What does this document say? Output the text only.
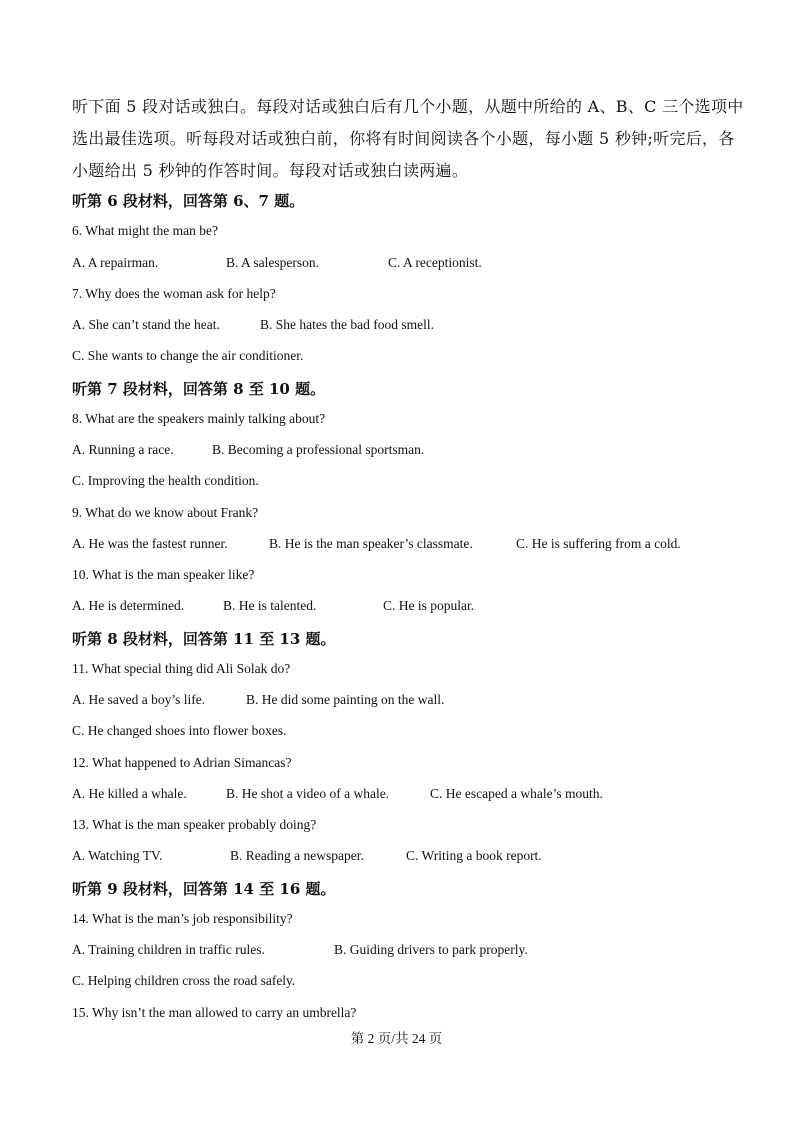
听下面 5 段对话或独白。每段对话或独白后有几个小题，从题中所给的 A、B、C 三个选项中
选出最佳选项。听每段对话或独白前，你将有时间阅读各个小题，每小题 5 秒钟;听完后，各
小题给出 5 秒钟的作答时间。每段对话或独白读两遍。
听第 6 段材料，回答第 6、7 题。
6. What might the man be?
A. A repairman.	B. A salesperson.	C. A receptionist.
7. Why does the woman ask for help?
A. She can’t stand the heat.	B. She hates the bad food smell.
C. She wants to change the air conditioner.
听第 7 段材料，回答第 8 至 10 题。
8. What are the speakers mainly talking about?
A. Running a race.	B. Becoming a professional sportsman.
C. Improving the health condition.
9. What do we know about Frank?
A. He was the fastest runner.	B. He is the man speaker’s classmate.	C. He is suffering from a cold.
10. What is the man speaker like?
A. He is determined.	B. He is talented.	C. He is popular.
听第 8 段材料，回答第 11 至 13 题。
11. What special thing did Ali Solak do?
A. He saved a boy’s life.	B. He did some painting on the wall.
C. He changed shoes into flower boxes.
12. What happened to Adrian Simancas?
A. He killed a whale.	B. He shot a video of a whale.	C. He escaped a whale’s mouth.
13. What is the man speaker probably doing?
A. Watching TV.	B. Reading a newspaper.	C. Writing a book report.
听第 9 段材料，回答第 14 至 16 题。
14. What is the man’s job responsibility?
A. Training children in traffic rules.	B. Guiding drivers to park properly.
C. Helping children cross the road safely.
15. Why isn’t the man allowed to carry an umbrella?
第 2 页/共 24 页
